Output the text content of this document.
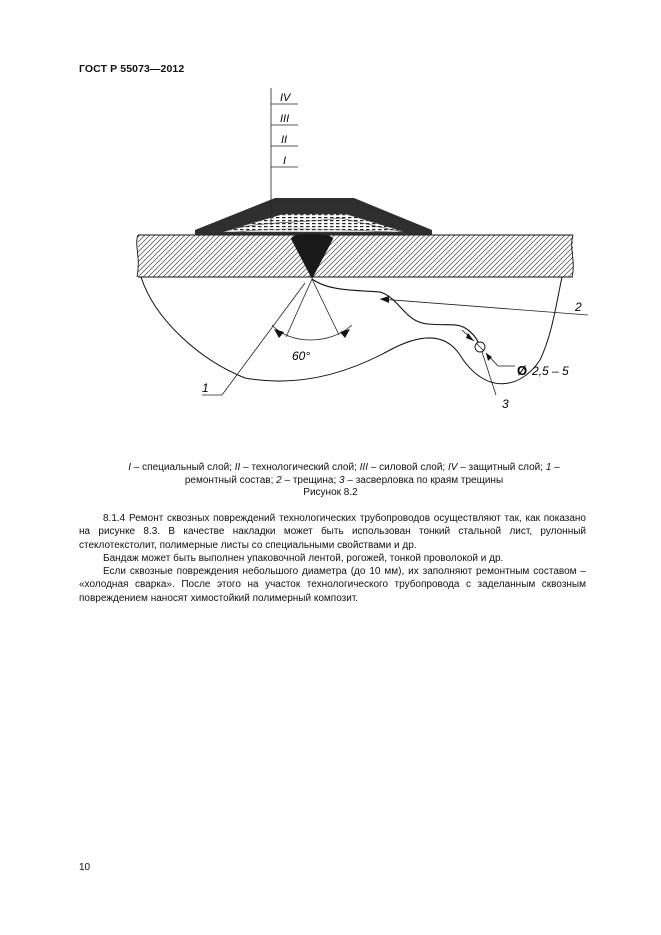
ГОСТ Р 55073—2012
IV
III
II
I
60°
1
2
3
Ø 2,5 – 5
I – специальный слой; II – технологический слой; III – силовой слой; IV – защитный слой; 1 – ремонтный состав; 2 – трещина; 3 – засверловка по краям трещины
Рисунок 8.2

8.1.4 Ремонт сквозных повреждений технологических трубопроводов осуществляют так, как показано на рисунке 8.3. В качестве накладки может быть использован тонкий стальной лист, рулонный стеклотекстолит, полимерные листы со специальными свойствами и др.

Бандаж может быть выполнен упаковочной лентой, рогожей, тонкой проволокой и др.

Если сквозные повреждения небольшого диаметра (до 10 мм), их заполняют ремонтным составом – «холодная сварка». После этого на участок технологического трубопровода с заделанным сквозным повреждением наносят химостойкий полимерный композит.

10
